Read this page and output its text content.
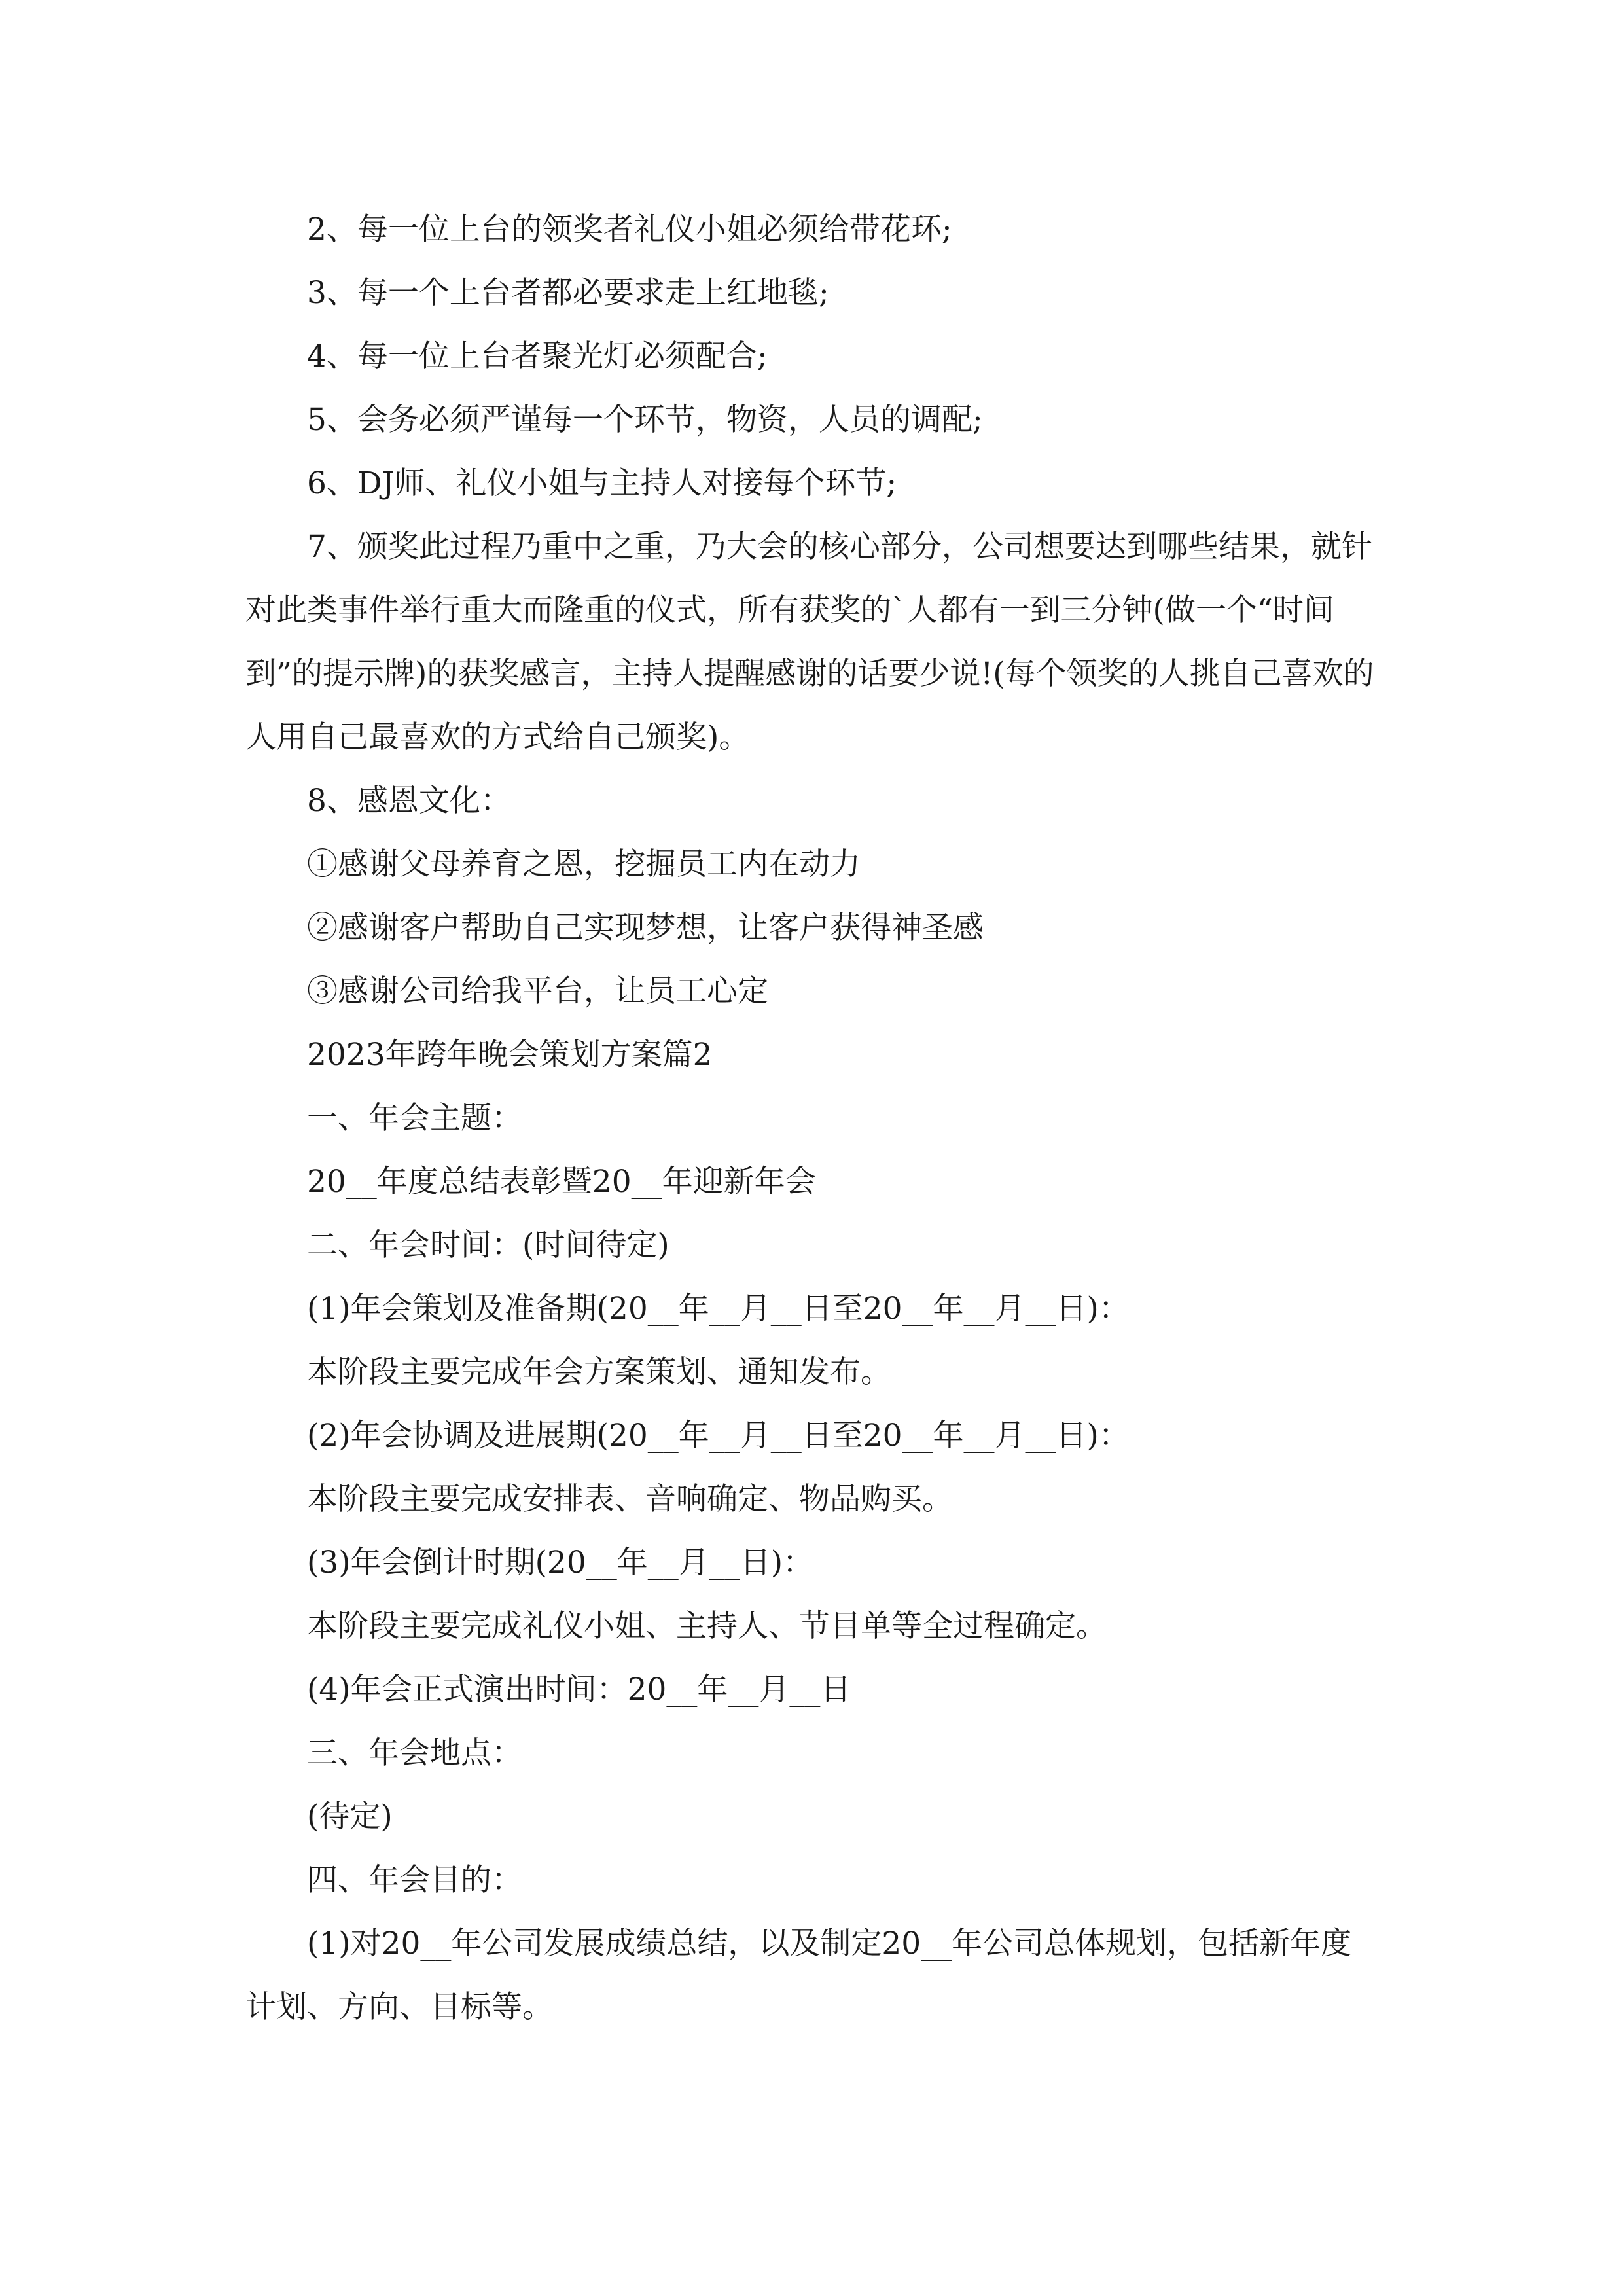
2、每一位上台的领奖者礼仪小姐必须给带花环;

3、每一个上台者都必要求走上红地毯;

4、每一位上台者聚光灯必须配合;

5、会务必须严谨每一个环节，物资，人员的调配;

6、DJ师、礼仪小姐与主持人对接每个环节;

7、颁奖此过程乃重中之重，乃大会的核心部分，公司想要达到哪些结果，就针对此类事件举行重大而隆重的仪式，所有获奖的`人都有一到三分钟(做一个“时间到”的提示牌)的获奖感言，主持人提醒感谢的话要少说!(每个领奖的人挑自己喜欢的人用自己最喜欢的方式给自己颁奖)。

8、感恩文化：

①感谢父母养育之恩，挖掘员工内在动力

②感谢客户帮助自己实现梦想，让客户获得神圣感

③感谢公司给我平台，让员工心定

2023年跨年晚会策划方案篇2

一、年会主题：

20__年度总结表彰暨20__年迎新年会

二、年会时间：(时间待定)

(1)年会策划及准备期(20__年__月__日至20__年__月__日)：

本阶段主要完成年会方案策划、通知发布。

(2)年会协调及进展期(20__年__月__日至20__年__月__日)：

本阶段主要完成安排表、音响确定、物品购买。

(3)年会倒计时期(20__年__月__日)：

本阶段主要完成礼仪小姐、主持人、节目单等全过程确定。

(4)年会正式演出时间：20__年__月__日

三、年会地点：

(待定)

四、年会目的：

(1)对20__年公司发展成绩总结，以及制定20__年公司总体规划，包括新年度计划、方向、目标等。
